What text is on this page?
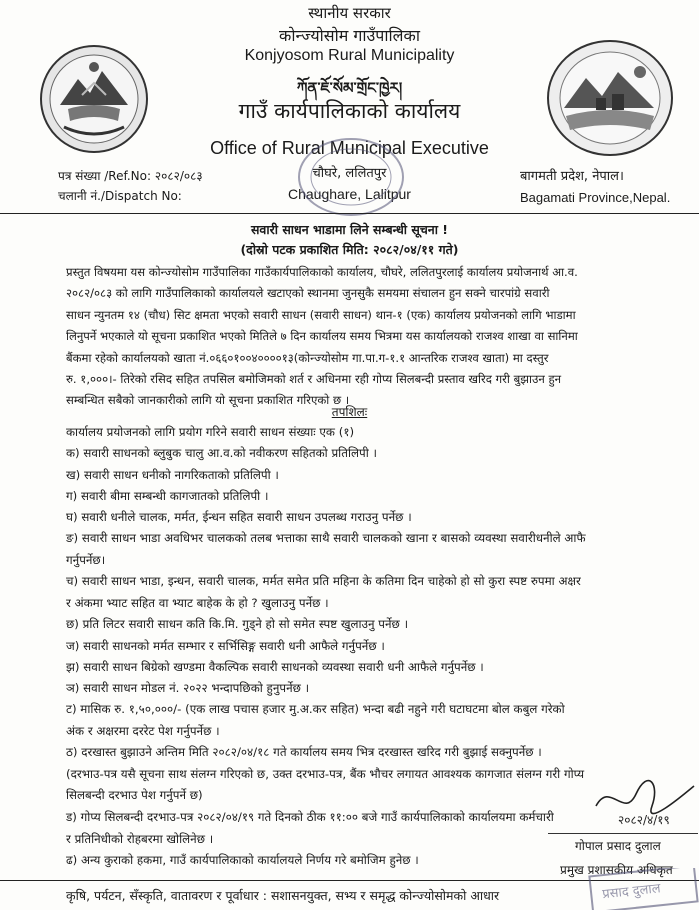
स्थानीय सरकार
कोन्ज्योसोम गाउँपालिका
Konjyosom Rural Municipality
ཀོན་ཇོ་སོམ་གྲོང་ཁྱེར།
गाउँ कार्यपालिकाको कार्यालय
Office of Rural Municipal Executive
चौघरे, ललितपुर
Chaughare, Lalitpur
पत्र संख्या /Ref.No: २०८२/०८३
चलानी नं./Dispatch No:
बागमती प्रदेश, नेपाल।
Bagamati Province,Nepal.
सवारी साधन भाडामा लिने सम्बन्धी सूचना !
(दोस्रो पटक प्रकाशित मिति: २०८२/०४/११ गते)
प्रस्तुत विषयमा यस कोन्ज्योसोम गाउँपालिका गाउँकार्यपालिकाको कार्यालय, चौघरे, ललितपुरलाई कार्यालय प्रयोजनार्थ आ.व.
२०८२/०८३ को लागि गाउँपालिकाको कार्यालयले खटाएको स्थानमा जुनसुकै समयमा संचालन हुन सक्ने चारपांग्रे सवारी
साधन न्युनतम १४ (चौध) सिट क्षमता भएको सवारी साधन (सवारी साधन) थान-१ (एक) कार्यालय प्रयोजनको लागि भाडामा
लिनुपर्ने भएकाले यो सूचना प्रकाशित भएको मितिले ७ दिन कार्यालय समय भित्रमा यस कार्यालयको राजश्व शाखा वा सानिमा
बैंकमा रहेको कार्यालयको खाता नं.०६६०१००४००००१३(कोन्ज्योसोम गा.पा.ग-१.१ आन्तरिक राजश्व खाता) मा दस्तुर
रु. १,०००।- तिरेको रसिद सहित तपसिल बमोजिमको शर्त र अधिनमा रही गोप्य सिलबन्दी प्रस्ताव खरिद गरी बुझाउन हुन
सम्बन्धित सबैको जानकारीको लागि यो सूचना प्रकाशित गरिएको छ ।
तपशिलः
कार्यालय प्रयोजनको लागि प्रयोग गरिने सवारी साधन संख्याः एक (१)
क) सवारी साधनको ब्लुबुक चालु आ.व.को नवीकरण सहितको प्रतिलिपी ।
ख) सवारी साधन धनीको नागरिकताको प्रतिलिपी ।
ग) सवारी बीमा सम्बन्धी कागजातको प्रतिलिपी ।
घ) सवारी धनीले चालक, मर्मत, ईन्धन सहित सवारी साधन उपलब्ध गराउनु पर्नेछ ।
ङ) सवारी साधन भाडा अवधिभर चालकको तलब भत्ताका साथै सवारी चालकको खाना र बासको व्यवस्था सवारीधनीले आफै
गर्नुपर्नेछ।
च) सवारी साधन भाडा, इन्धन, सवारी चालक, मर्मत समेत प्रति महिना के कतिमा दिन चाहेको हो सो कुरा स्पष्ट रुपमा अक्षर
र अंकमा भ्याट सहित वा भ्याट बाहेक के हो ? खुलाउनु पर्नेछ ।
छ) प्रति लिटर सवारी साधन कति कि.मि. गुड्ने हो सो समेत स्पष्ट खुलाउनु पर्नेछ ।
ज) सवारी साधनको मर्मत सम्भार र सर्भिसिङ्ग सवारी धनी आफैले गर्नुपर्नेछ ।
झ) सवारी साधन बिग्रेको खण्डमा वैकल्पिक सवारी साधनको व्यवस्था सवारी धनी आफैले गर्नुपर्नेछ ।
ञ) सवारी साधन मोडल नं. २०२२ भन्दापछिको हुनुपर्नेछ ।
ट) मासिक रु. १,५०,०००/- (एक लाख पचास हजार मु.अ.कर सहित) भन्दा बढी नहुने गरी घटाघटमा बोल कबुल गरेको
अंक र अक्षरमा दररेट पेश गर्नुपर्नेछ ।
ठ) दरखास्त बुझाउने अन्तिम मिति २०८२/०४/१८ गते कार्यालय समय भित्र दरखास्त खरिद गरी बुझाई सक्नुपर्नेछ ।
(दरभाउ-पत्र यसै सूचना साथ संलग्न गरिएको छ, उक्त दरभाउ-पत्र, बैंक भौचर लगायत आवश्यक कागजात संलग्न गरी गोप्य
सिलबन्दी दरभाउ पेश गर्नुपर्ने छ)
ड) गोप्य सिलबन्दी दरभाउ-पत्र २०८२/०४/१९ गते दिनको ठीक ११:०० बजे गाउँ कार्यपालिकाको कार्यालयमा कर्मचारी
र प्रतिनिधीको रोहबरमा खोलिनेछ ।
ढ) अन्य कुराको हकमा, गाउँ कार्यपालिकाको कार्यालयले निर्णय गरे बमोजिम हुनेछ ।
२०८२/४/१९
गोपाल प्रसाद दुलाल
प्रमुख प्रशासकीय अधिकृत
कृषि, पर्यटन, सँस्कृति, वातावरण र पूर्वाधार : सशासनयुक्त, सभ्य र समृद्ध कोन्ज्योसोमको आधार	प्रसाद दुलाल
